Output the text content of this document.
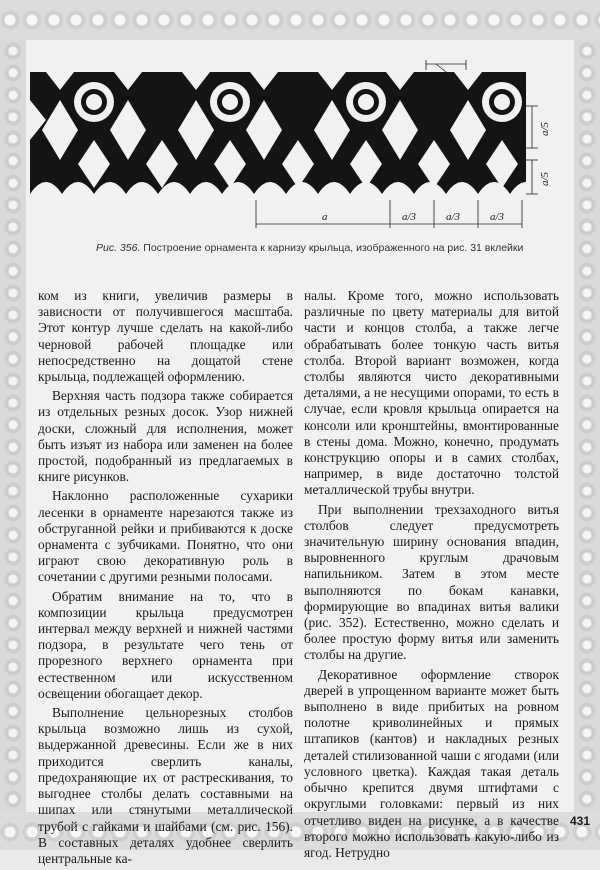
a	a/3	a/3	a/3
a/5
a/5
Рис. 356. Построение орнамента к карнизу крыльца, изображенного на рис. 31 вклейки

ком из книги, увеличив размеры в зависности от получившегося масштаба. Этот контур лучше сделать на какой-либо черновой рабочей площадке или непосредственно на дощатой стене крыльца, подлежащей оформлению.

Верхняя часть подзора также собирается из отдельных резных досок. Узор нижней доски, сложный для исполнения, может быть изъят из набора или заменен на более простой, подобранный из предлагаемых в книге рисунков.

Наклонно расположенные сухарики лесенки в орнаменте нарезаются также из обструганной рейки и прибиваются к доске орнамента с зубчиками. Понятно, что они играют свою декоративную роль в сочетании с другими резными полосами.

Обратим внимание на то, что в композиции крыльца предусмотрен интервал между верхней и нижней частями подзора, в результате чего тень от прорезного верхнего орнамента при естественном или искусственном освещении обогащает декор.

Выполнение цельнорезных столбов крыльца возможно лишь из сухой, выдержанной древесины. Если же в них приходится сверлить каналы, предохраняющие их от растрескивания, то выгоднее столбы делать составными на шипах или стянутыми металлической трубой с гайками и шайбами (см. рис. 156). В составных деталях удобнее сверлить центральные ка-

налы. Кроме того, можно использовать различные по цвету материалы для витой части и концов столба, а также легче обрабатывать более тонкую часть витья столба. Второй вариант возможен, когда столбы являются чисто декоративными деталями, а не несущими опорами, то есть в случае, если кровля крыльца опирается на консоли или кронштейны, вмонтированные в стены дома. Можно, конечно, продумать конструкцию опоры и в самих столбах, например, в виде достаточно толстой металлической трубы внутри.

При выполнении трехзаходного витья столбов следует предусмотреть значительную ширину основания впадин, выровненного круглым драчовым напильником. Затем в этом месте выполняются по бокам канавки, формирующие во впадинах витья валики (рис. 352). Естественно, можно сделать и более простую форму витья или заменить столбы на другие.

Декоративное оформление створок дверей в упрощенном варианте может быть выполнено в виде прибитых на ровном полотне криволинейных и прямых штапиков (кантов) и накладных резных деталей стилизованной чаши с ягодами (или условного цветка). Каждая такая деталь обычно крепится двумя штифтами с округлыми головками: первый из них отчетливо виден на рисунке, а в качестве второго можно использовать какую-либо из ягод. Нетрудно

431
